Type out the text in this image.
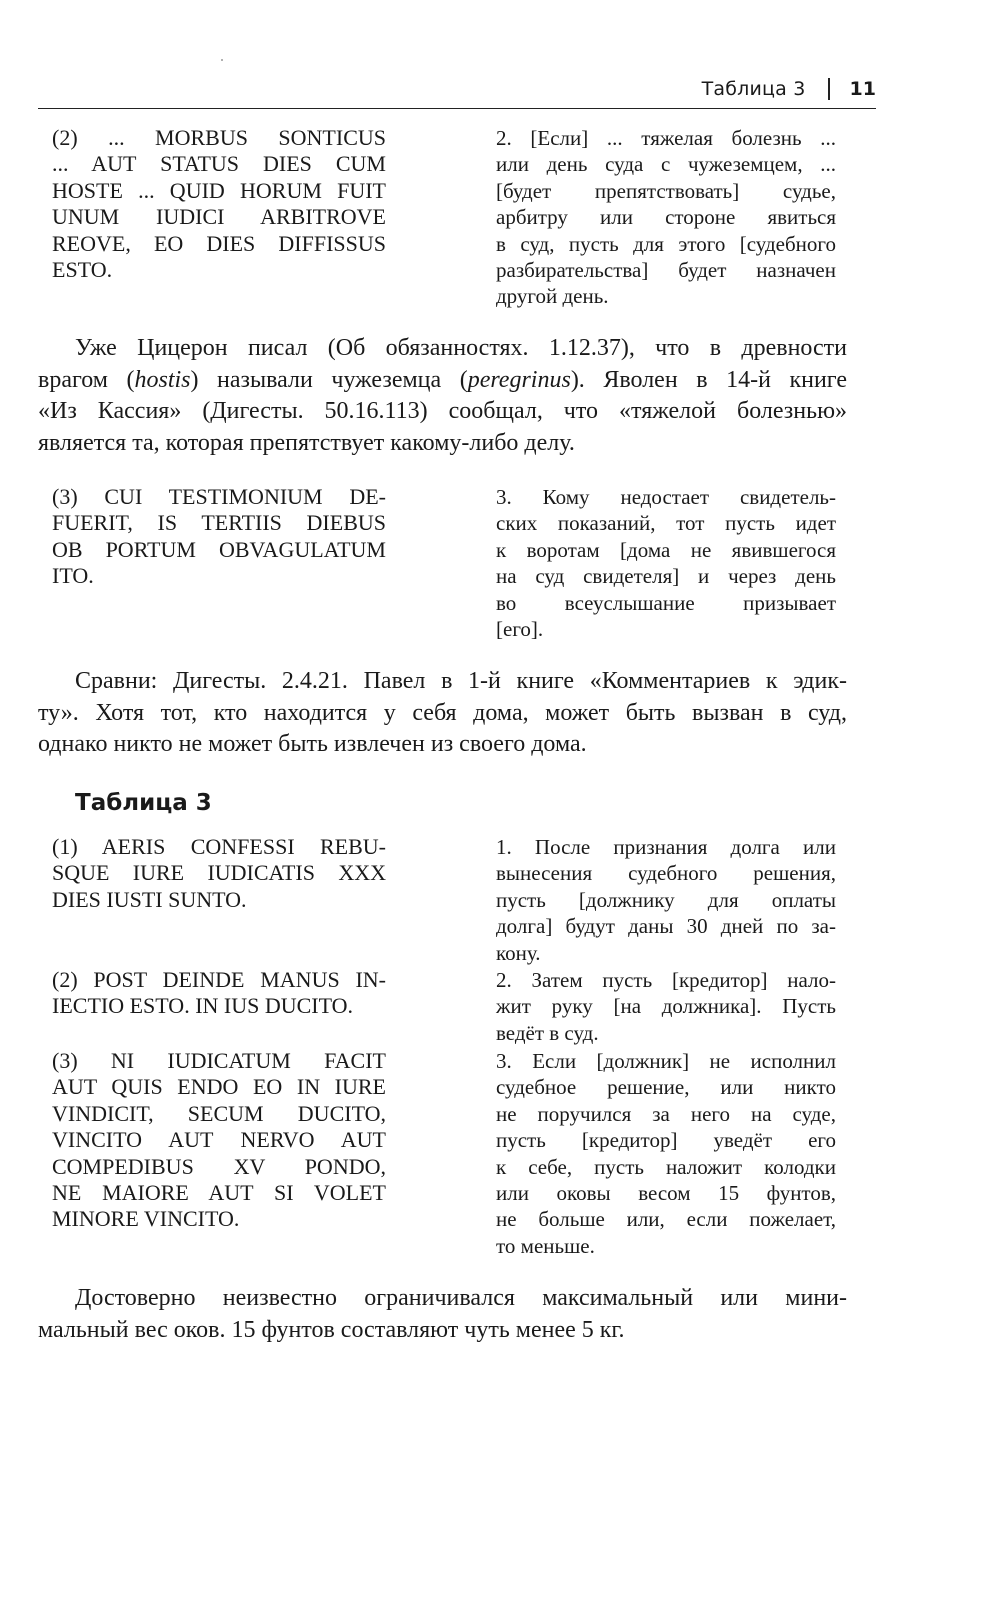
Таблица 3 11
(2) ... MORBUS SONTICUS
... AUT STATUS DIES CUM
HOSTE ... QUID HORUM FUIT
UNUM IUDICI ARBITROVE
REOVE, EO DIES DIFFISSUS
ESTO.
2. [Если] ... тяжелая болезнь ...
или день суда с чужеземцем, ...
[будет препятствовать] судье,
арбитру или стороне явиться
в суд, пусть для этого [судебного
разбирательства] будет назначен
другой день.
Уже Цицерон писал (Об обязанностях. 1.12.37), что в древности
врагом (hostis) называли чужеземца (peregrinus). Яволен в 14-й книге
«Из Кассия» (Дигесты. 50.16.113) сообщал, что «тяжелой болезнью»
является та, которая препятствует какому-либо делу.
(3) CUI TESTIMONIUM DE-
FUERIT, IS TERTIIS DIEBUS
OB PORTUM OBVAGULATUM
ITO.
3. Кому недостает свидетель-
ских показаний, тот пусть идет
к воротам [дома не явившегося
на суд свидетеля] и через день
во всеуслышание призывает
[его].
Сравни: Дигесты. 2.4.21. Павел в 1-й книге «Комментариев к эдик-
ту». Хотя тот, кто находится у себя дома, может быть вызван в суд,
однако никто не может быть извлечен из своего дома.
Таблица 3
(1) AERIS CONFESSI REBU-
SQUE IURE IUDICATIS XXX
DIES IUSTI SUNTO.
1. После признания долга или
вынесения судебного решения,
пусть [должнику для оплаты
долга] будут даны 30 дней по за-
кону.
(2) POST DEINDE MANUS IN-
IECTIO ESTO. IN IUS DUCITO.
2. Затем пусть [кредитор] нало-
жит руку [на должника]. Пусть
ведёт в суд.
(3) NI IUDICATUM FACIT
AUT QUIS ENDO EO IN IURE
VINDICIT, SECUM DUCITO,
VINCITO AUT NERVO AUT
COMPEDIBUS XV PONDO,
NE MAIORE AUT SI VOLET
MINORE VINCITO.
3. Если [должник] не исполнил
судебное решение, или никто
не поручился за него на суде,
пусть [кредитор] уведёт его
к себе, пусть наложит колодки
или оковы весом 15 фунтов,
не больше или, если пожелает,
то меньше.
Достоверно неизвестно ограничивался максимальный или мини-
мальный вес оков. 15 фунтов составляют чуть менее 5 кг.
